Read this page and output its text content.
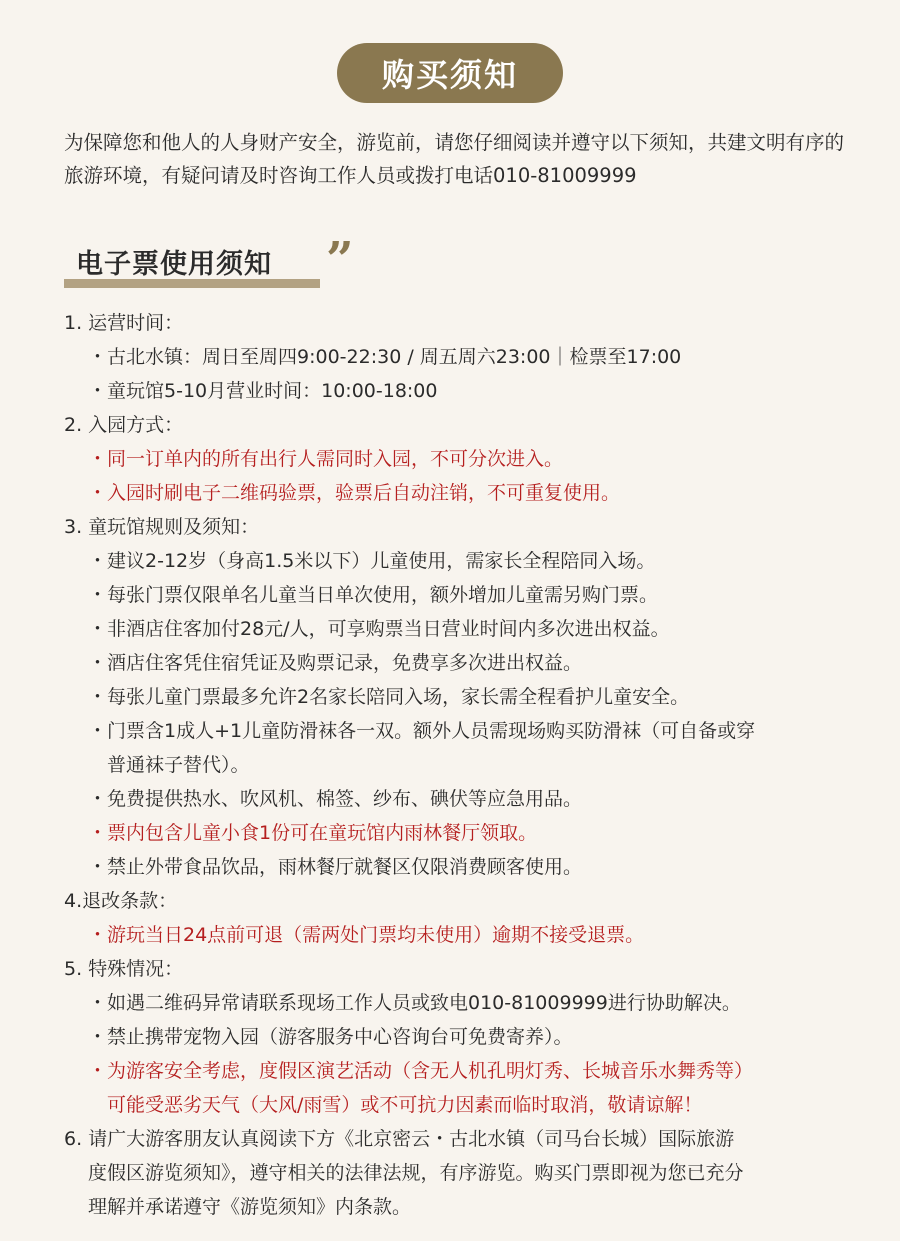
购买须知
为保障您和他人的人身财产安全，游览前，请您仔细阅读并遵守以下须知，共建文明有序的旅游环境，有疑问请及时咨询工作人员或拨打电话010-81009999
电子票使用须知 ”
1. 运营时间：
・古北水镇：周日至周四9:00-22:30 / 周五周六23:00｜检票至17:00
・童玩馆5-10月营业时间：10:00-18:00
2. 入园方式：
・同一订单内的所有出行人需同时入园，不可分次进入。
・入园时刷电子二维码验票，验票后自动注销，不可重复使用。
3. 童玩馆规则及须知：
・建议2-12岁（身高1.5米以下）儿童使用，需家长全程陪同入场。
・每张门票仅限单名儿童当日单次使用，额外增加儿童需另购门票。
・非酒店住客加付28元/人，可享购票当日营业时间内多次进出权益。
・酒店住客凭住宿凭证及购票记录，免费享多次进出权益。
・每张儿童门票最多允许2名家长陪同入场，家长需全程看护儿童安全。
・门票含1成人+1儿童防滑袜各一双。额外人员需现场购买防滑袜（可自备或穿
普通袜子替代）。
・免费提供热水、吹风机、棉签、纱布、碘伏等应急用品。
・票内包含儿童小食1份可在童玩馆内雨林餐厅领取。
・禁止外带食品饮品，雨林餐厅就餐区仅限消费顾客使用。
4.退改条款：
・游玩当日24点前可退（需两处门票均未使用）逾期不接受退票。
5. 特殊情况：
・如遇二维码异常请联系现场工作人员或致电010-81009999进行协助解决。
・禁止携带宠物入园（游客服务中心咨询台可免费寄养）。
・为游客安全考虑，度假区演艺活动（含无人机孔明灯秀、长城音乐水舞秀等）
可能受恶劣天气（大风/雨雪）或不可抗力因素而临时取消，敬请谅解！
6. 请广大游客朋友认真阅读下方《北京密云・古北水镇（司马台长城）国际旅游
度假区游览须知》，遵守相关的法律法规，有序游览。购买门票即视为您已充分
理解并承诺遵守《游览须知》内条款。
